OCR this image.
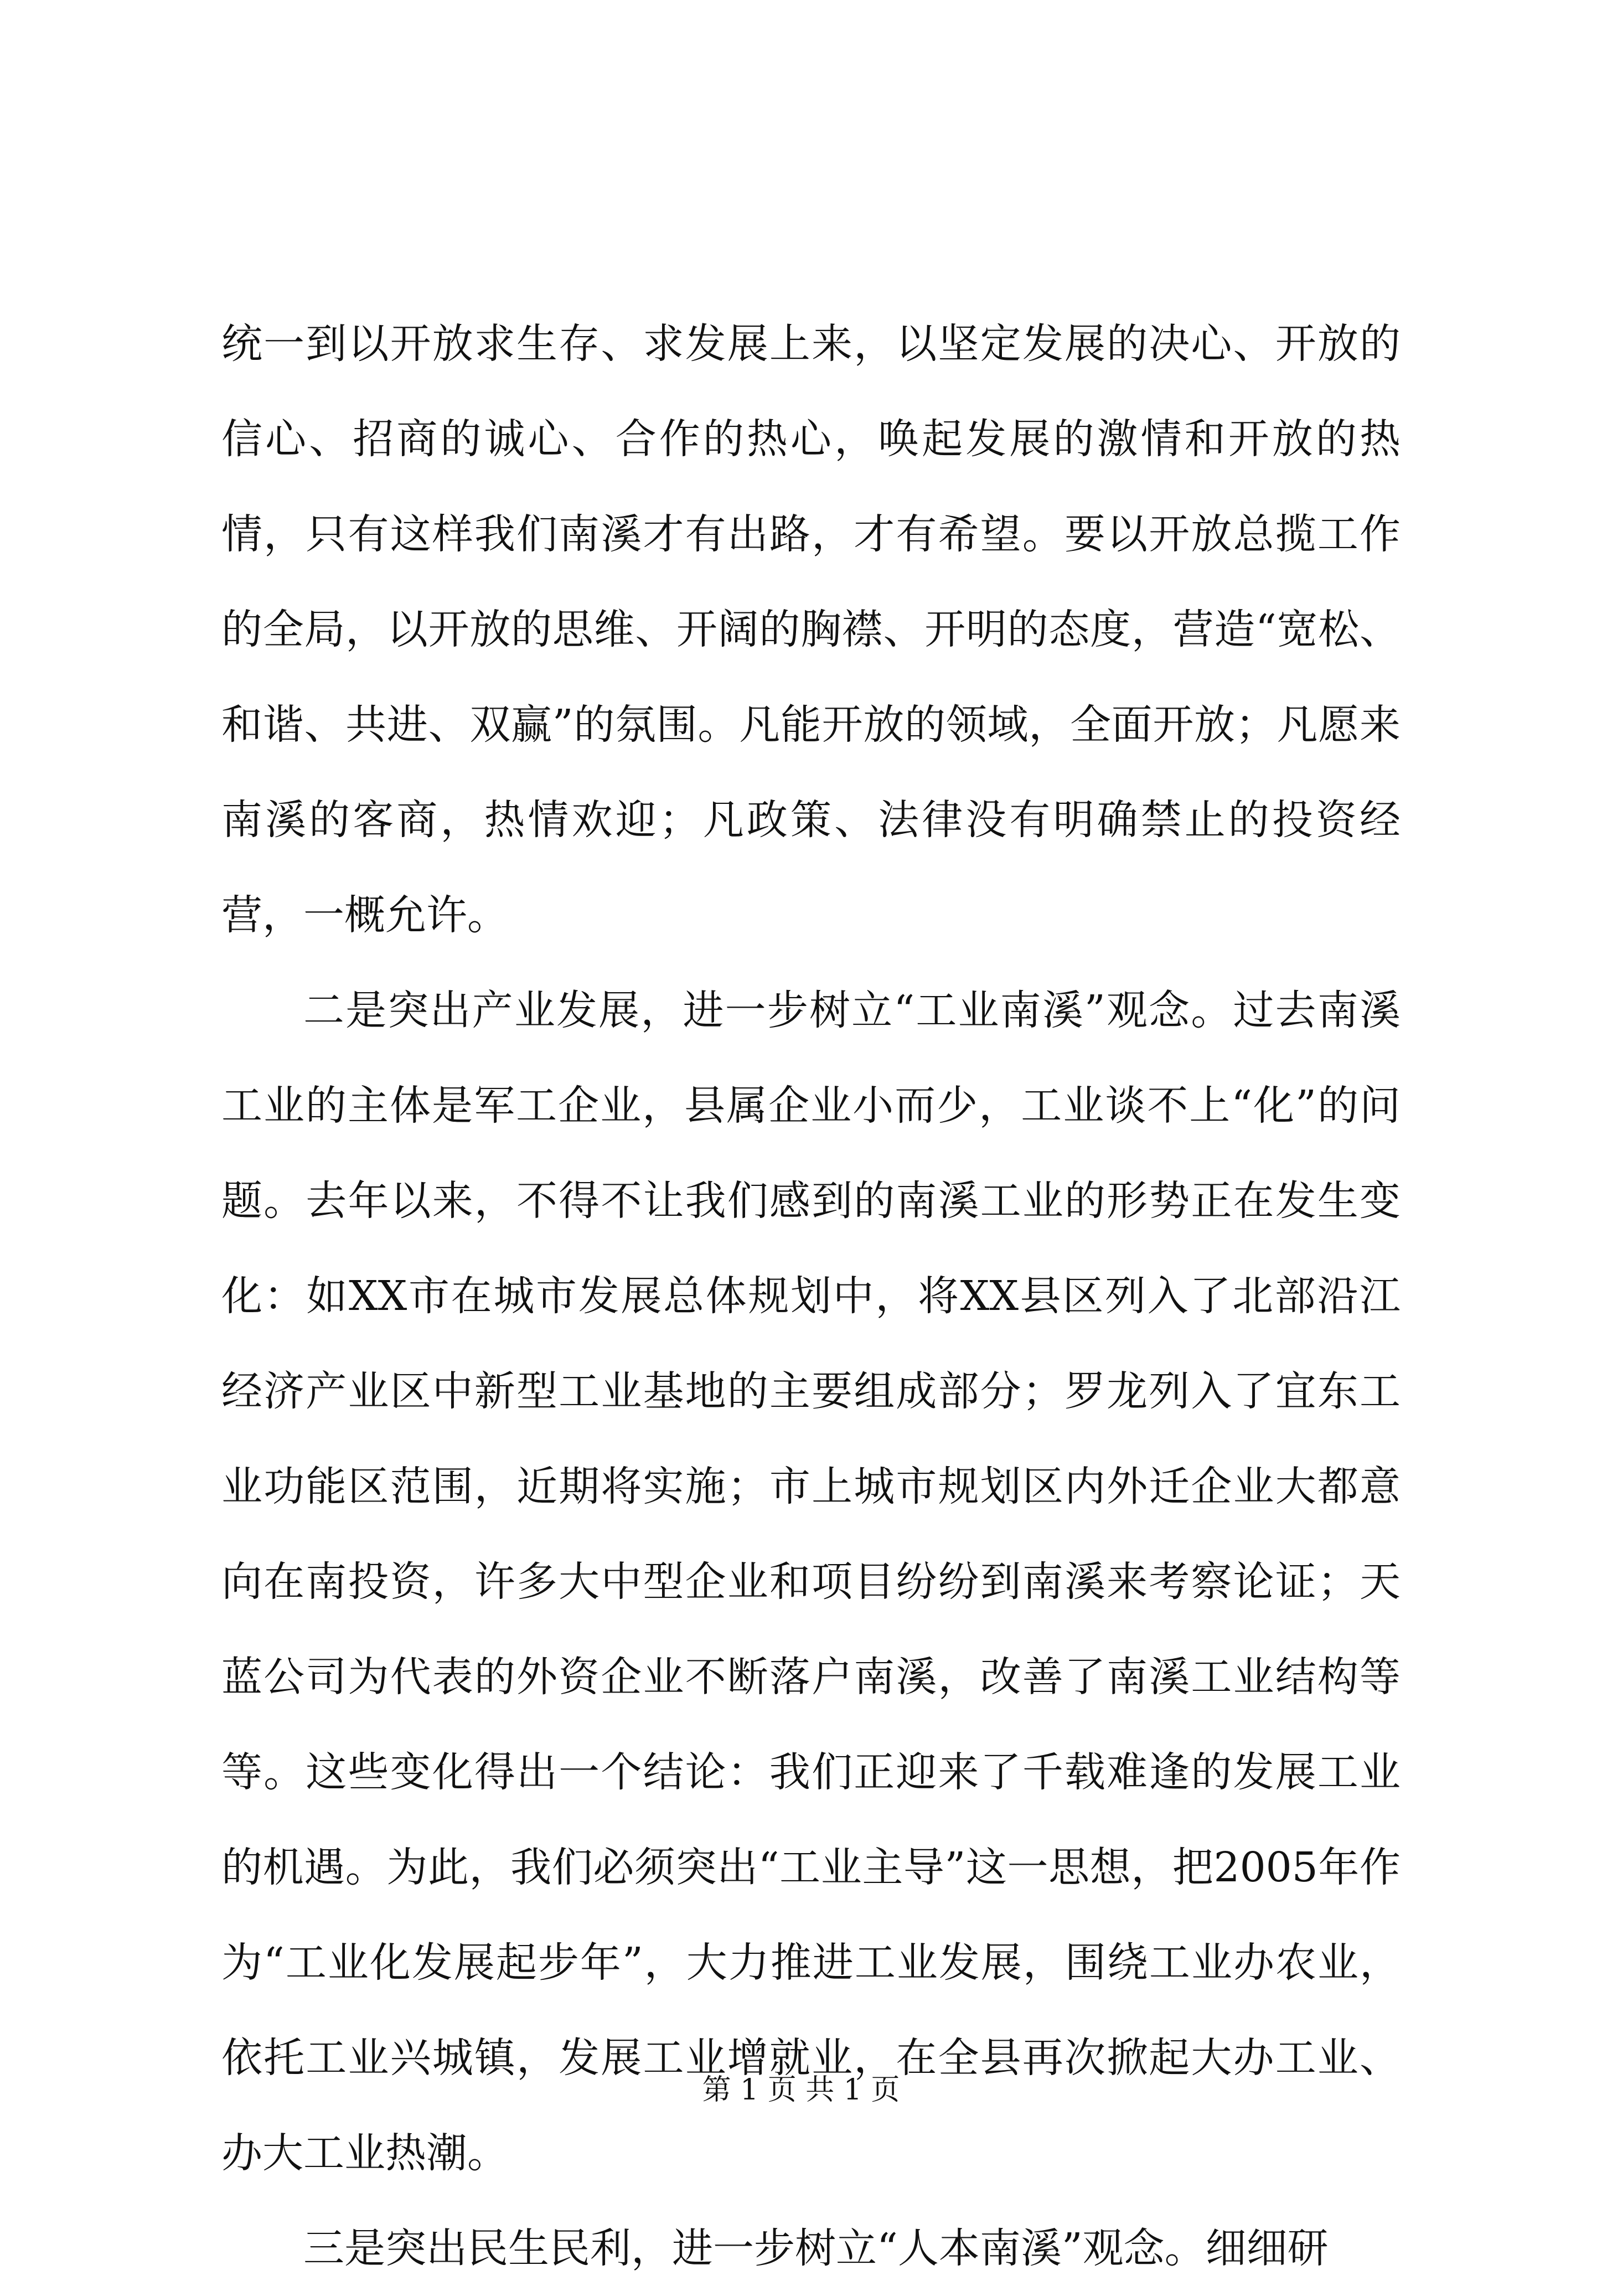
统一到以开放求生存、求发展上来，以坚定发展的决心、开放的信心、招商的诚心、合作的热心，唤起发展的激情和开放的热情，只有这样我们南溪才有出路，才有希望。要以开放总揽工作的全局，以开放的思维、开阔的胸襟、开明的态度，营造“宽松、和谐、共进、双赢”的氛围。凡能开放的领域，全面开放；凡愿来南溪的客商，热情欢迎；凡政策、法律没有明确禁止的投资经营，一概允许。

二是突出产业发展，进一步树立“工业南溪”观念。过去南溪工业的主体是军工企业，县属企业小而少，工业谈不上“化”的问题。去年以来，不得不让我们感到的南溪工业的形势正在发生变化：如XX市在城市发展总体规划中，将XX县区列入了北部沿江经济产业区中新型工业基地的主要组成部分；罗龙列入了宜东工业功能区范围，近期将实施；市上城市规划区内外迁企业大都意向在南投资，许多大中型企业和项目纷纷到南溪来考察论证；天蓝公司为代表的外资企业不断落户南溪，改善了南溪工业结构等等。这些变化得出一个结论：我们正迎来了千载难逢的发展工业的机遇。为此，我们必须突出“工业主导”这一思想，把2005年作为“工业化发展起步年”，大力推进工业发展，围绕工业办农业，依托工业兴城镇，发展工业增就业，在全县再次掀起大办工业、办大工业热潮。

三是突出民生民利，进一步树立“人本南溪”观念。细细研

第 1 页 共 1 页
